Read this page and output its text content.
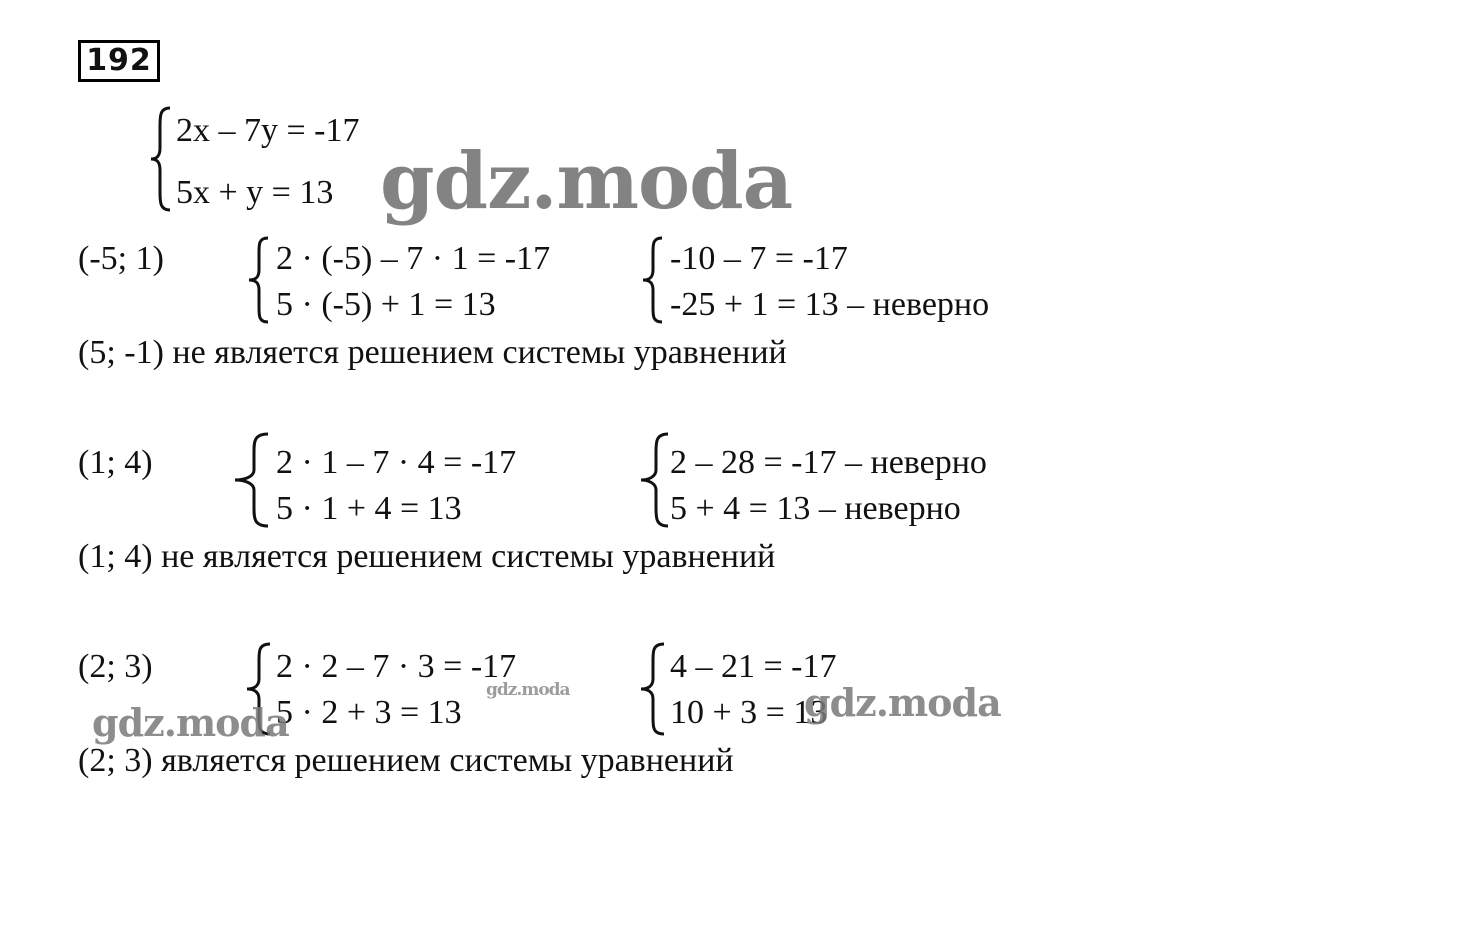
192
2x – 7y = -17
5x + y = 13
(-5; 1)	2 · (-5) – 7 · 1 = -17
5 · (-5) + 1 = 13
-10 – 7 = -17
-25 + 1 = 13 – неверно
(5; -1) не является решением системы уравнений
(1; 4)	2 · 1 – 7 · 4 = -17
5 · 1 + 4 = 13
2 – 28 = -17 – неверно
5 + 4 = 13 – неверно
(1; 4) не является решением системы уравнений
(2; 3)	2 · 2 – 7 · 3 = -17
5 · 2 + 3 = 13
4 – 21 = -17
10 + 3 = 13
(2; 3) является решением системы уравнений
gdz.moda
gdz.moda
gdz.moda	gdz.moda
